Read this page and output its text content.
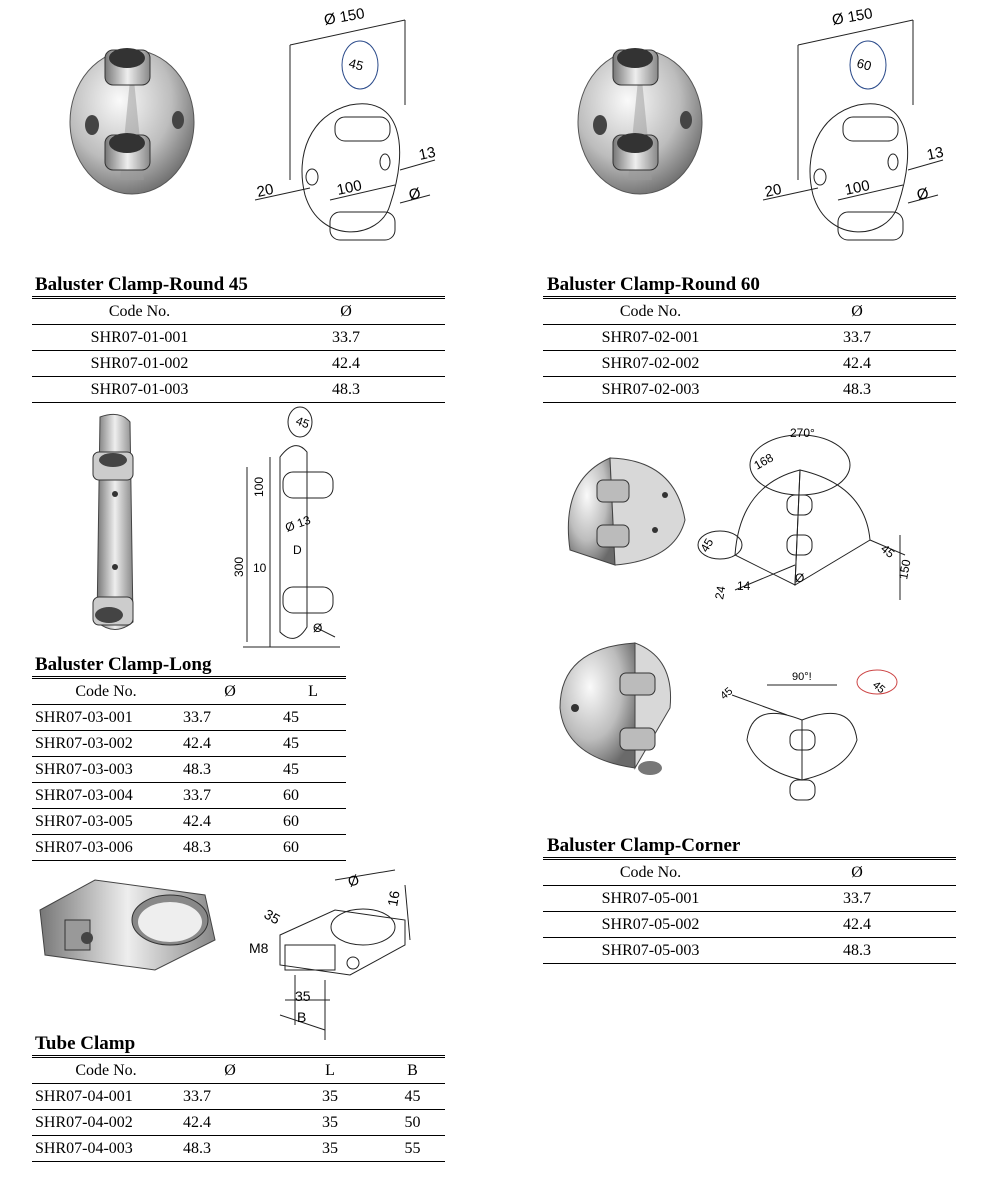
Ø 150
45
20	100
13
Ø
Baluster Clamp-Round 45
Code No.	Ø
SHR07-01-001	33.7
SHR07-01-002	42.4
SHR07-01-003	48.3
Ø 150
60
20	100
13
Ø
Baluster Clamp-Round 60
Code No.	Ø
SHR07-02-001	33.7
SHR07-02-002	42.4
SHR07-02-003	48.3
45
100
300 10
Ø 13
D
Ø
Baluster Clamp-Long
Code No.	Ø	L
SHR07-03-001	33.7	45
SHR07-03-002	42.4	45
SHR07-03-003	48.3	45
SHR07-03-004	33.7	60
SHR07-03-005	42.4	60
SHR07-03-006	48.3	60
270°
168
45	45
150
24 14
Ø
45
90°!
45
Baluster Clamp-Corner
Code No.	Ø
SHR07-05-001	33.7
SHR07-05-002	42.4
SHR07-05-003	48.3
Ø
16
35
M8
35
B
Tube Clamp
Code No.	Ø	L	B
SHR07-04-001	33.7	35	45
SHR07-04-002	42.4	35	50
SHR07-04-003	48.3	35	55
